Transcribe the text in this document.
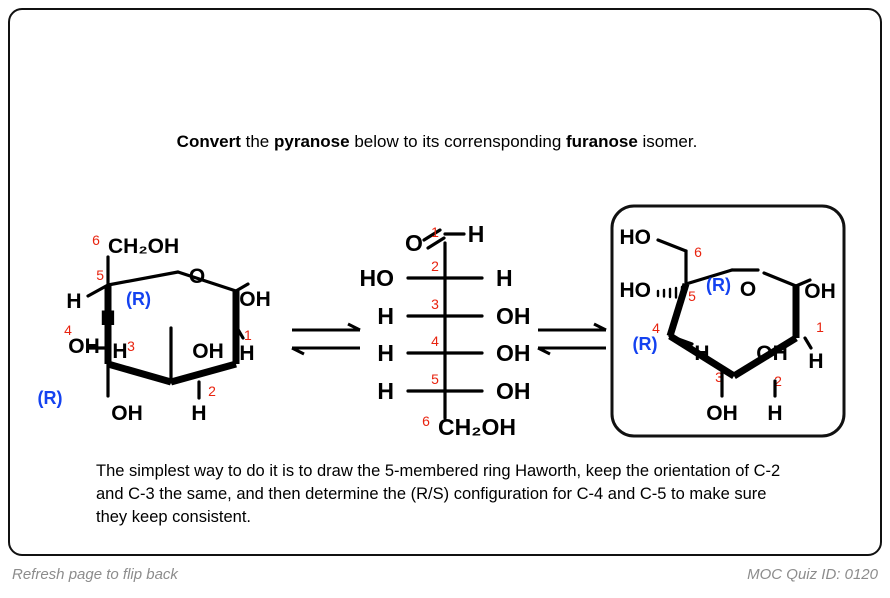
Convert the pyranose below to its corrensponding furanose isomer.
O
6 CH₂OH
5
1
2
3
4 H
(R)
H
OH
(R)
H
OH
OH
H
OH
H
O H
1
HO	H
2
H	OH
3
H	OH
4
H	OH
5
6 CH₂OH
O
HO
6
HO	5
(R)
4
(R) H
3
OH
2
OH
H
OH
1
H
The simplest way to do it is to draw the 5-membered ring Haworth, keep the orientation of C-2 and C-3 the same, and then determine the (R/S) configuration for C-4 and C-5 to make sure they keep consistent.
Refresh page to flip back	MOC Quiz ID: 0120
